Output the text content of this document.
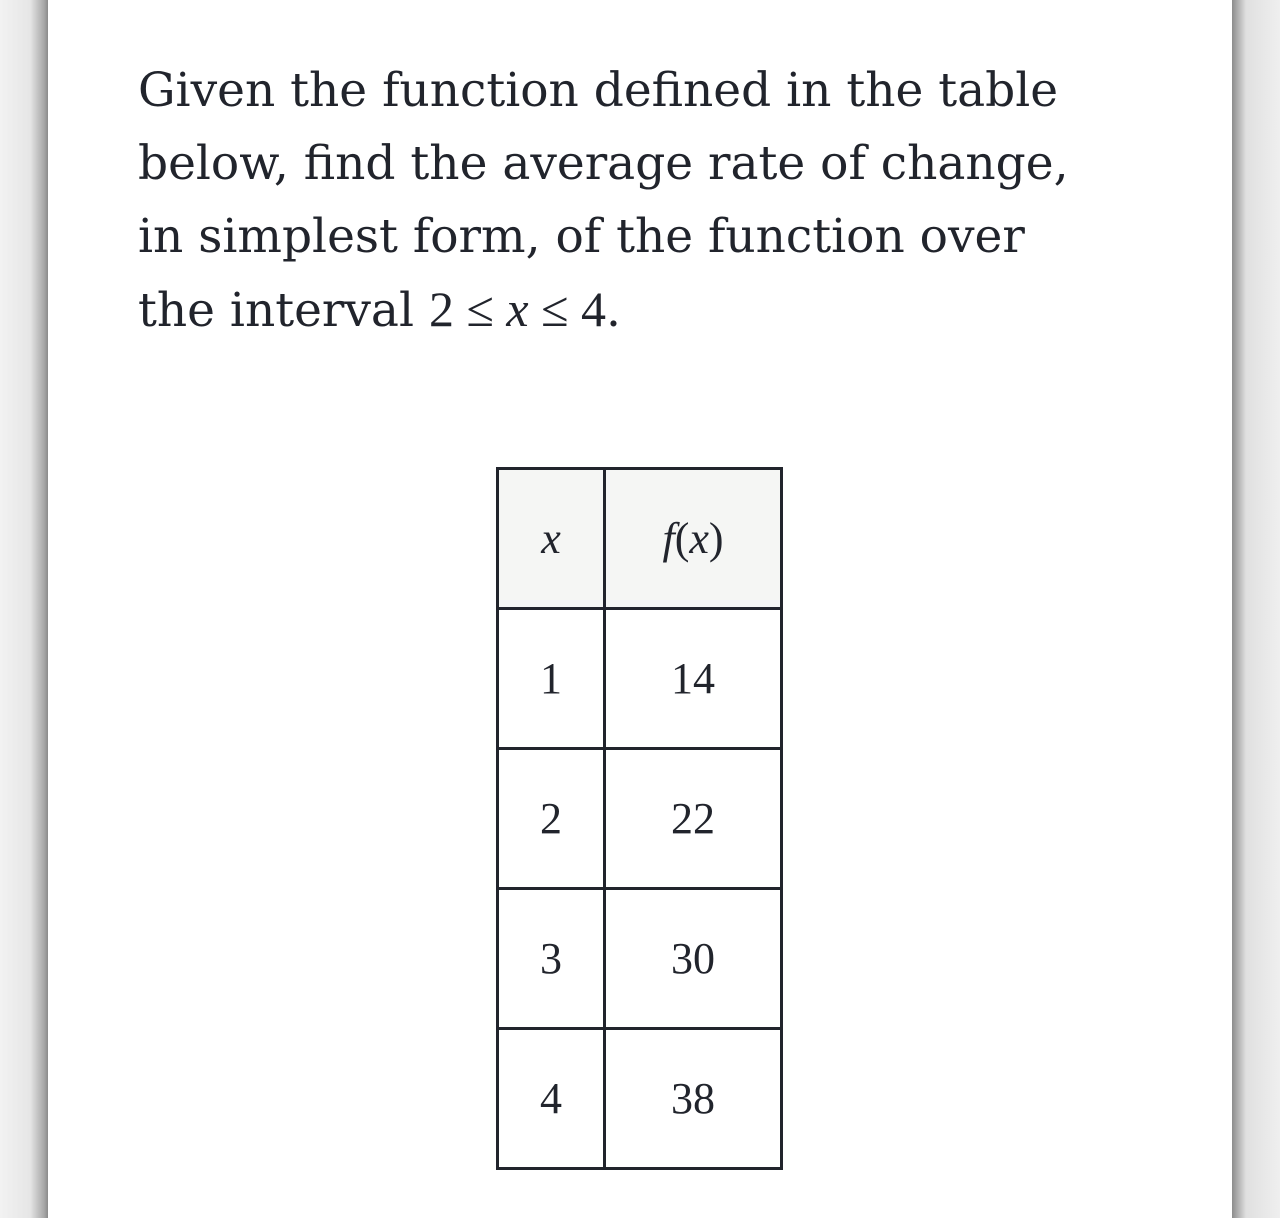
Given the function defined in the table below, find the average rate of change, in simplest form, of the function over the interval 2 ≤ x ≤ 4.

x	f(x)
1	14
2	22
3	30
4	38
